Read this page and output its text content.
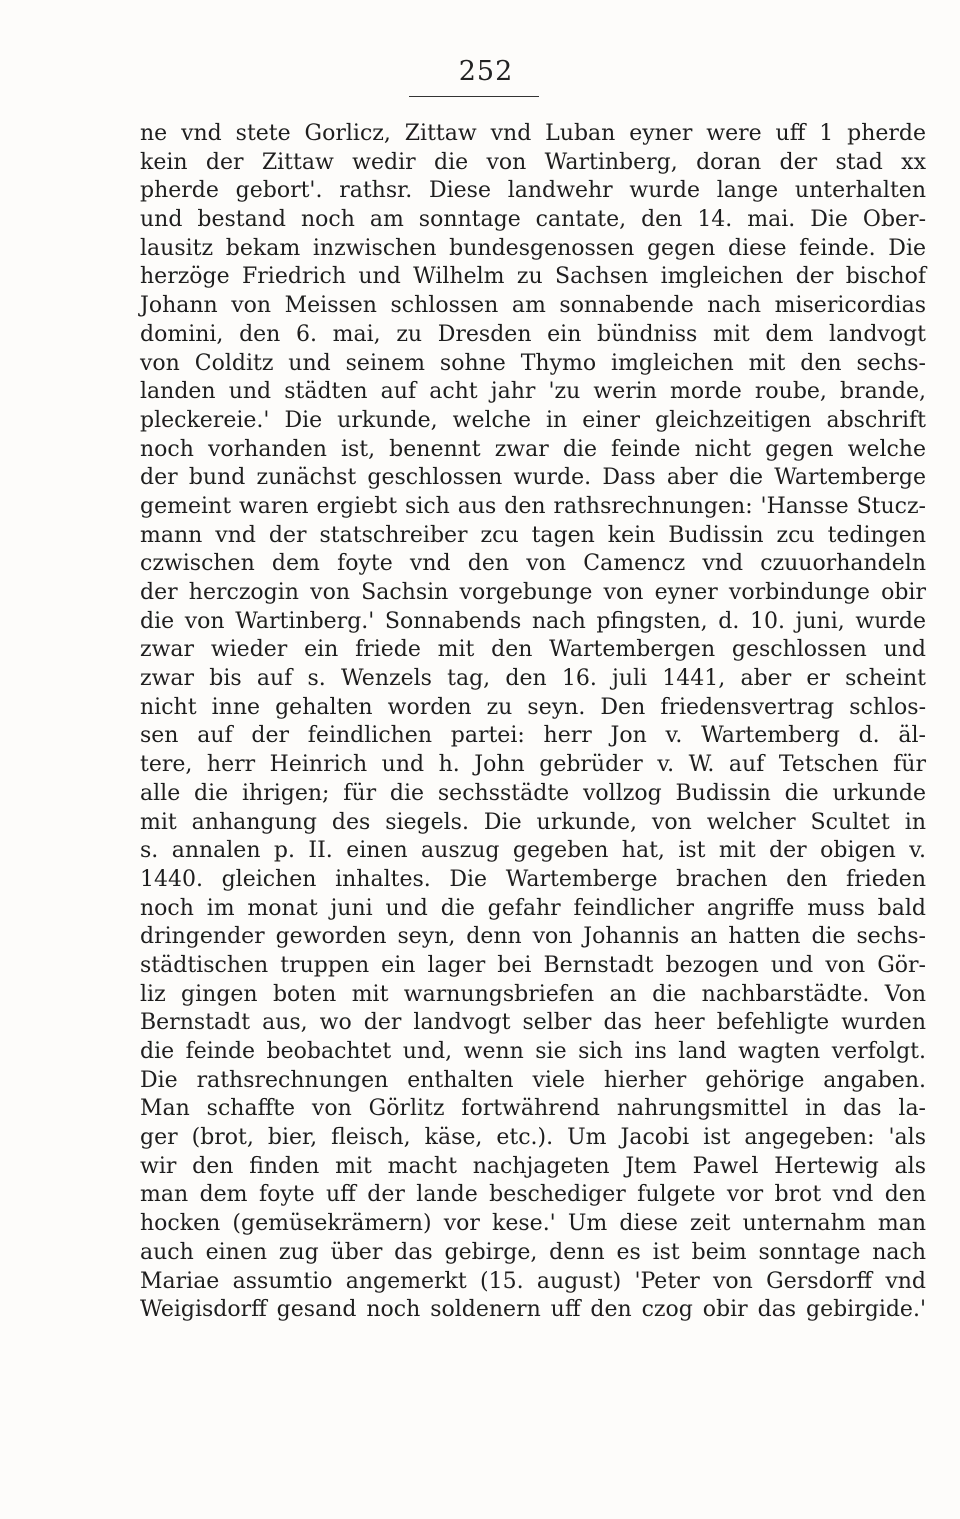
252
ne vnd stete Gorlicz, Zittaw vnd Luban eyner were uff 1 pherde
kein der Zittaw wedir die von Wartinberg, doran der stad xx
pherde gebort'. rathsr. Diese landwehr wurde lange unterhalten
und bestand noch am sonntage cantate, den 14. mai. Die Ober-
lausitz bekam inzwischen bundesgenossen gegen diese feinde. Die
herzöge Friedrich und Wilhelm zu Sachsen imgleichen der bischof
Johann von Meissen schlossen am sonnabende nach misericordias
domini, den 6. mai, zu Dresden ein bündniss mit dem landvogt
von Colditz und seinem sohne Thymo imgleichen mit den sechs-
landen und städten auf acht jahr 'zu werin morde roube, brande,
pleckereie.' Die urkunde, welche in einer gleichzeitigen abschrift
noch vorhanden ist, benennt zwar die feinde nicht gegen welche
der bund zunächst geschlossen wurde. Dass aber die Wartemberge
gemeint waren ergiebt sich aus den rathsrechnungen: 'Hansse Stucz-
mann vnd der statschreiber zcu tagen kein Budissin zcu tedingen
czwischen dem foyte vnd den von Camencz vnd czuuorhandeln
der herczogin von Sachsin vorgebunge von eyner vorbindunge obir
die von Wartinberg.' Sonnabends nach pfingsten, d. 10. juni, wurde
zwar wieder ein friede mit den Wartembergen geschlossen und
zwar bis auf s. Wenzels tag, den 16. juli 1441, aber er scheint
nicht inne gehalten worden zu seyn. Den friedensvertrag schlos-
sen auf der feindlichen partei: herr Jon v. Wartemberg d. äl-
tere, herr Heinrich und h. John gebrüder v. W. auf Tetschen für
alle die ihrigen; für die sechsstädte vollzog Budissin die urkunde
mit anhangung des siegels. Die urkunde, von welcher Scultet in
s. annalen p. II. einen auszug gegeben hat, ist mit der obigen v.
1440. gleichen inhaltes. Die Wartemberge brachen den frieden
noch im monat juni und die gefahr feindlicher angriffe muss bald
dringender geworden seyn, denn von Johannis an hatten die sechs-
städtischen truppen ein lager bei Bernstadt bezogen und von Gör-
liz gingen boten mit warnungsbriefen an die nachbarstädte. Von
Bernstadt aus, wo der landvogt selber das heer befehligte wurden
die feinde beobachtet und, wenn sie sich ins land wagten verfolgt.
Die rathsrechnungen enthalten viele hierher gehörige angaben.
Man schaffte von Görlitz fortwährend nahrungsmittel in das la-
ger (brot, bier, fleisch, käse, etc.). Um Jacobi ist angegeben: 'als
wir den finden mit macht nachjageten Jtem Pawel Hertewig als
man dem foyte uff der lande beschediger fulgete vor brot vnd den
hocken (gemüsekrämern) vor kese.' Um diese zeit unternahm man
auch einen zug über das gebirge, denn es ist beim sonntage nach
Mariae assumtio angemerkt (15. august) 'Peter von Gersdorff vnd
Weigisdorff gesand noch soldenern uff den czog obir das gebirgide.'
